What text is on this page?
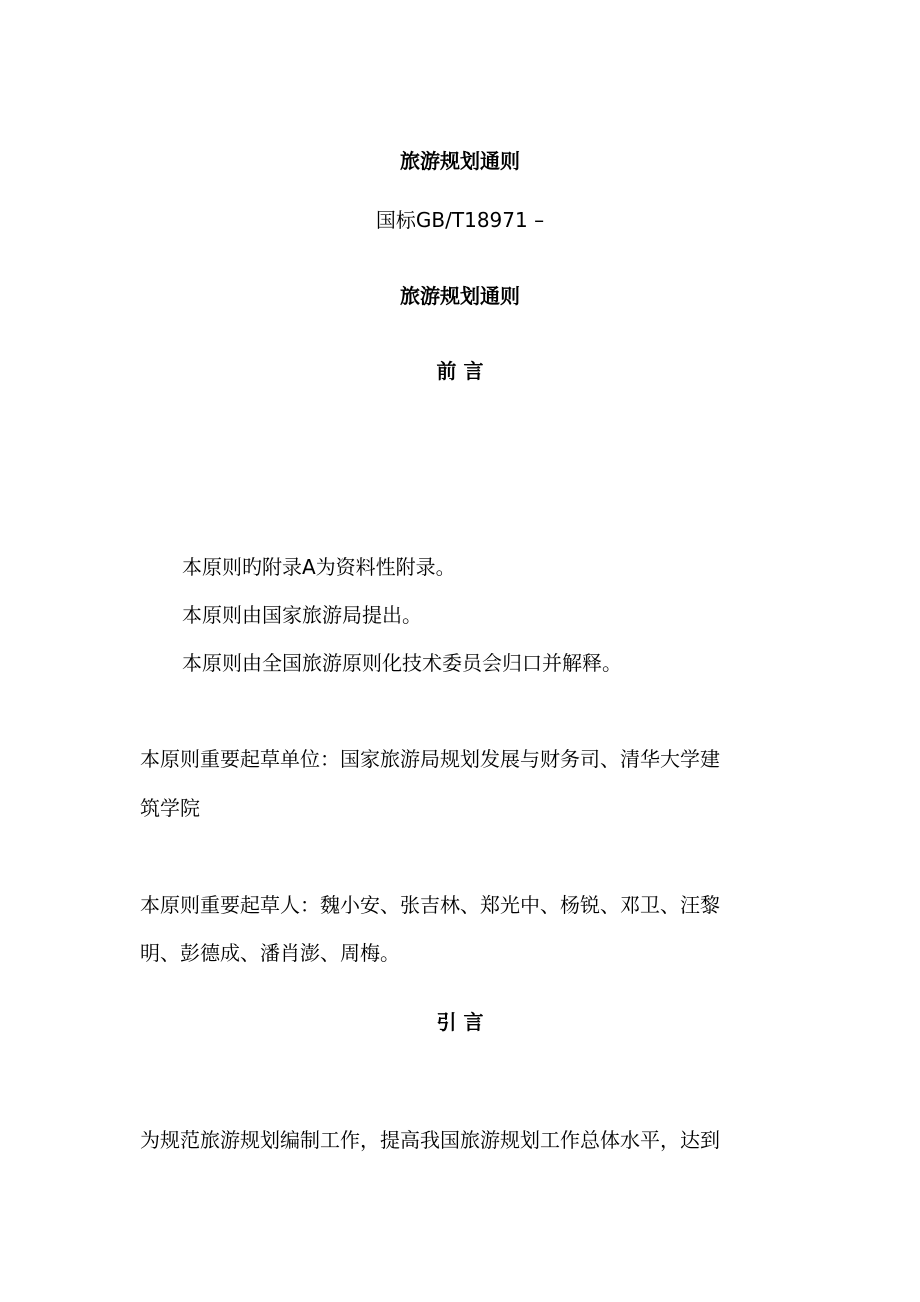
旅游规划通则

国标GB/T18971 –

旅游规划通则
前 言

本原则旳附录A为资料性附录。

本原则由国家旅游局提出。

本原则由全国旅游原则化技术委员会归口并解释。

本原则重要起草单位：国家旅游局规划发展与财务司、清华大学建

筑学院

本原则重要起草人：魏小安、张吉林、郑光中、杨锐、邓卫、汪黎

明、彭德成、潘肖澎、周梅。

引 言

为规范旅游规划编制工作，提高我国旅游规划工作总体水平，达到
